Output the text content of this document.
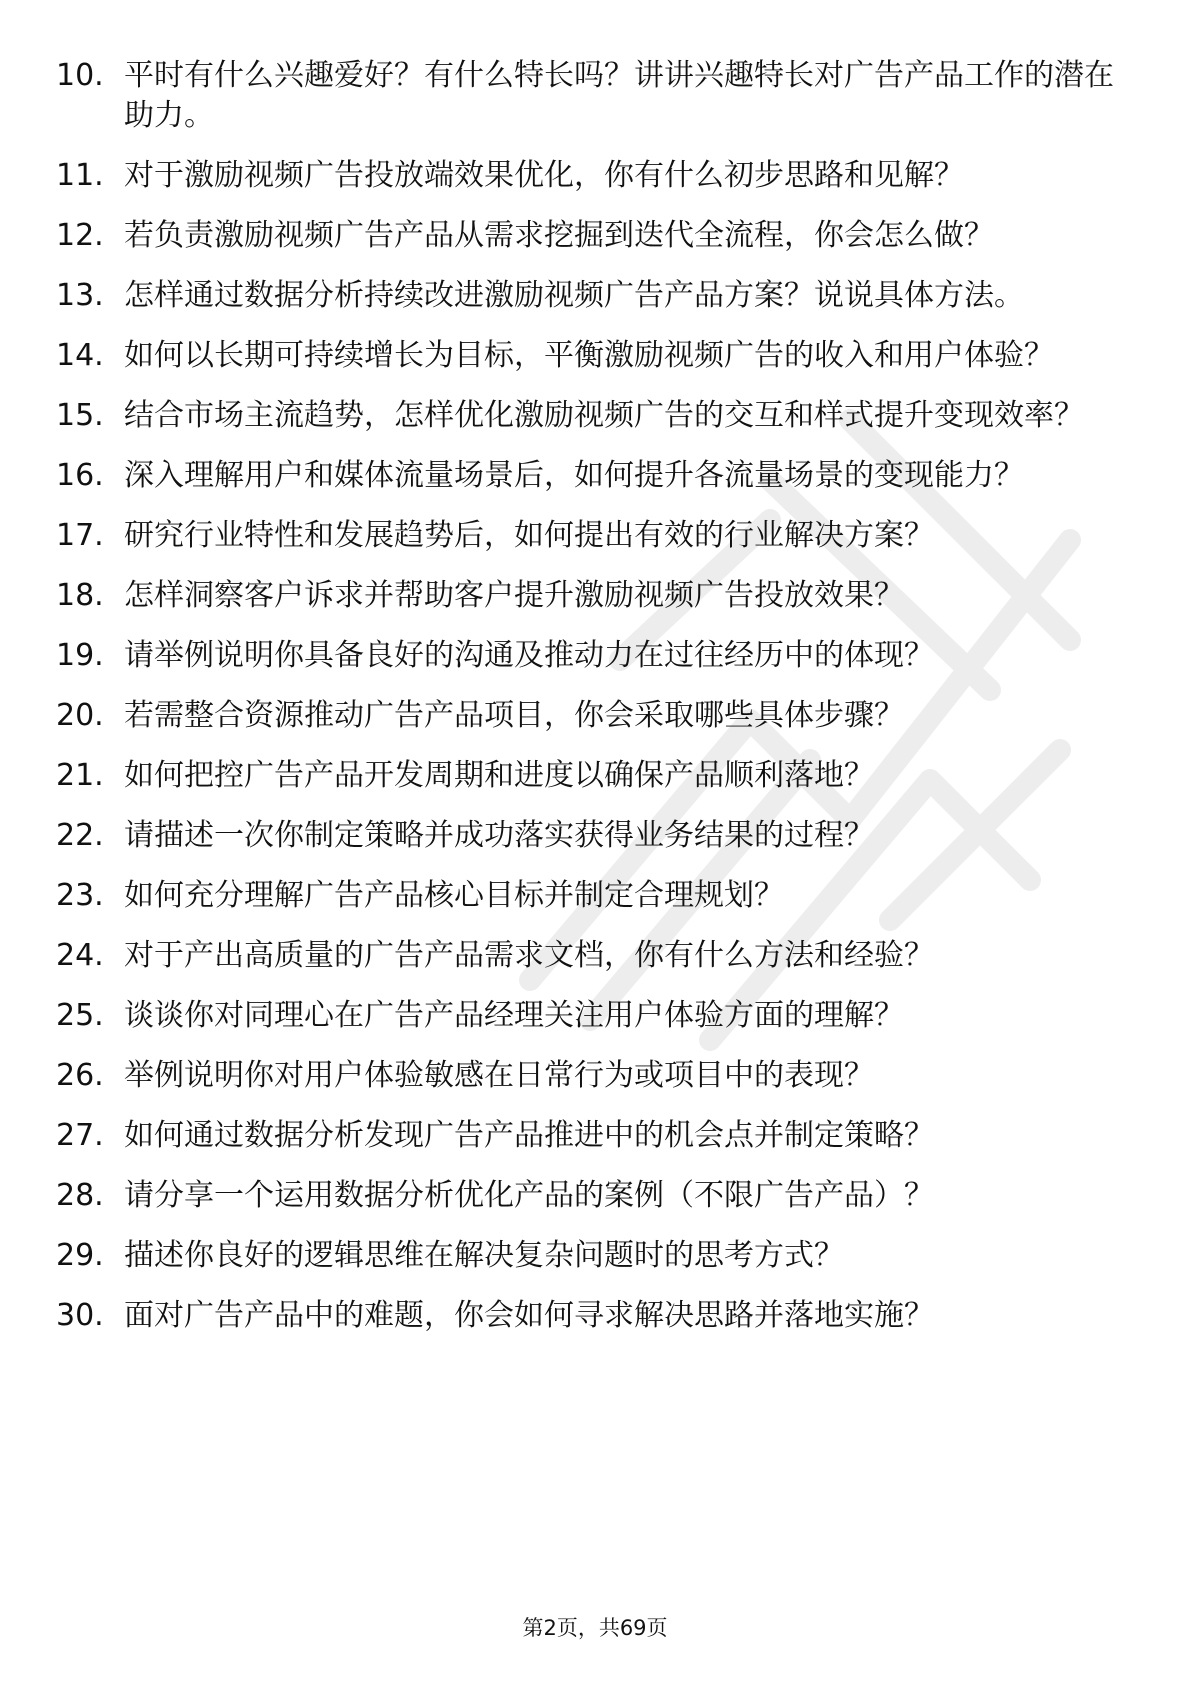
10. 平时有什么兴趣爱好？有什么特长吗？讲讲兴趣特长对广告产品工作的潜在助力。
11. 对于激励视频广告投放端效果优化，你有什么初步思路和见解？
12. 若负责激励视频广告产品从需求挖掘到迭代全流程，你会怎么做？
13. 怎样通过数据分析持续改进激励视频广告产品方案？说说具体方法。
14. 如何以长期可持续增长为目标，平衡激励视频广告的收入和用户体验？
15. 结合市场主流趋势，怎样优化激励视频广告的交互和样式提升变现效率？
16. 深入理解用户和媒体流量场景后，如何提升各流量场景的变现能力？
17. 研究行业特性和发展趋势后，如何提出有效的行业解决方案？
18. 怎样洞察客户诉求并帮助客户提升激励视频广告投放效果？
19. 请举例说明你具备良好的沟通及推动力在过往经历中的体现？
20. 若需整合资源推动广告产品项目，你会采取哪些具体步骤？
21. 如何把控广告产品开发周期和进度以确保产品顺利落地？
22. 请描述一次你制定策略并成功落实获得业务结果的过程？
23. 如何充分理解广告产品核心目标并制定合理规划？
24. 对于产出高质量的广告产品需求文档，你有什么方法和经验？
25. 谈谈你对同理心在广告产品经理关注用户体验方面的理解？
26. 举例说明你对用户体验敏感在日常行为或项目中的表现？
27. 如何通过数据分析发现广告产品推进中的机会点并制定策略？
28. 请分享一个运用数据分析优化产品的案例（不限广告产品）？
29. 描述你良好的逻辑思维在解决复杂问题时的思考方式？
30. 面对广告产品中的难题，你会如何寻求解决思路并落地实施？
第2页，共69页
